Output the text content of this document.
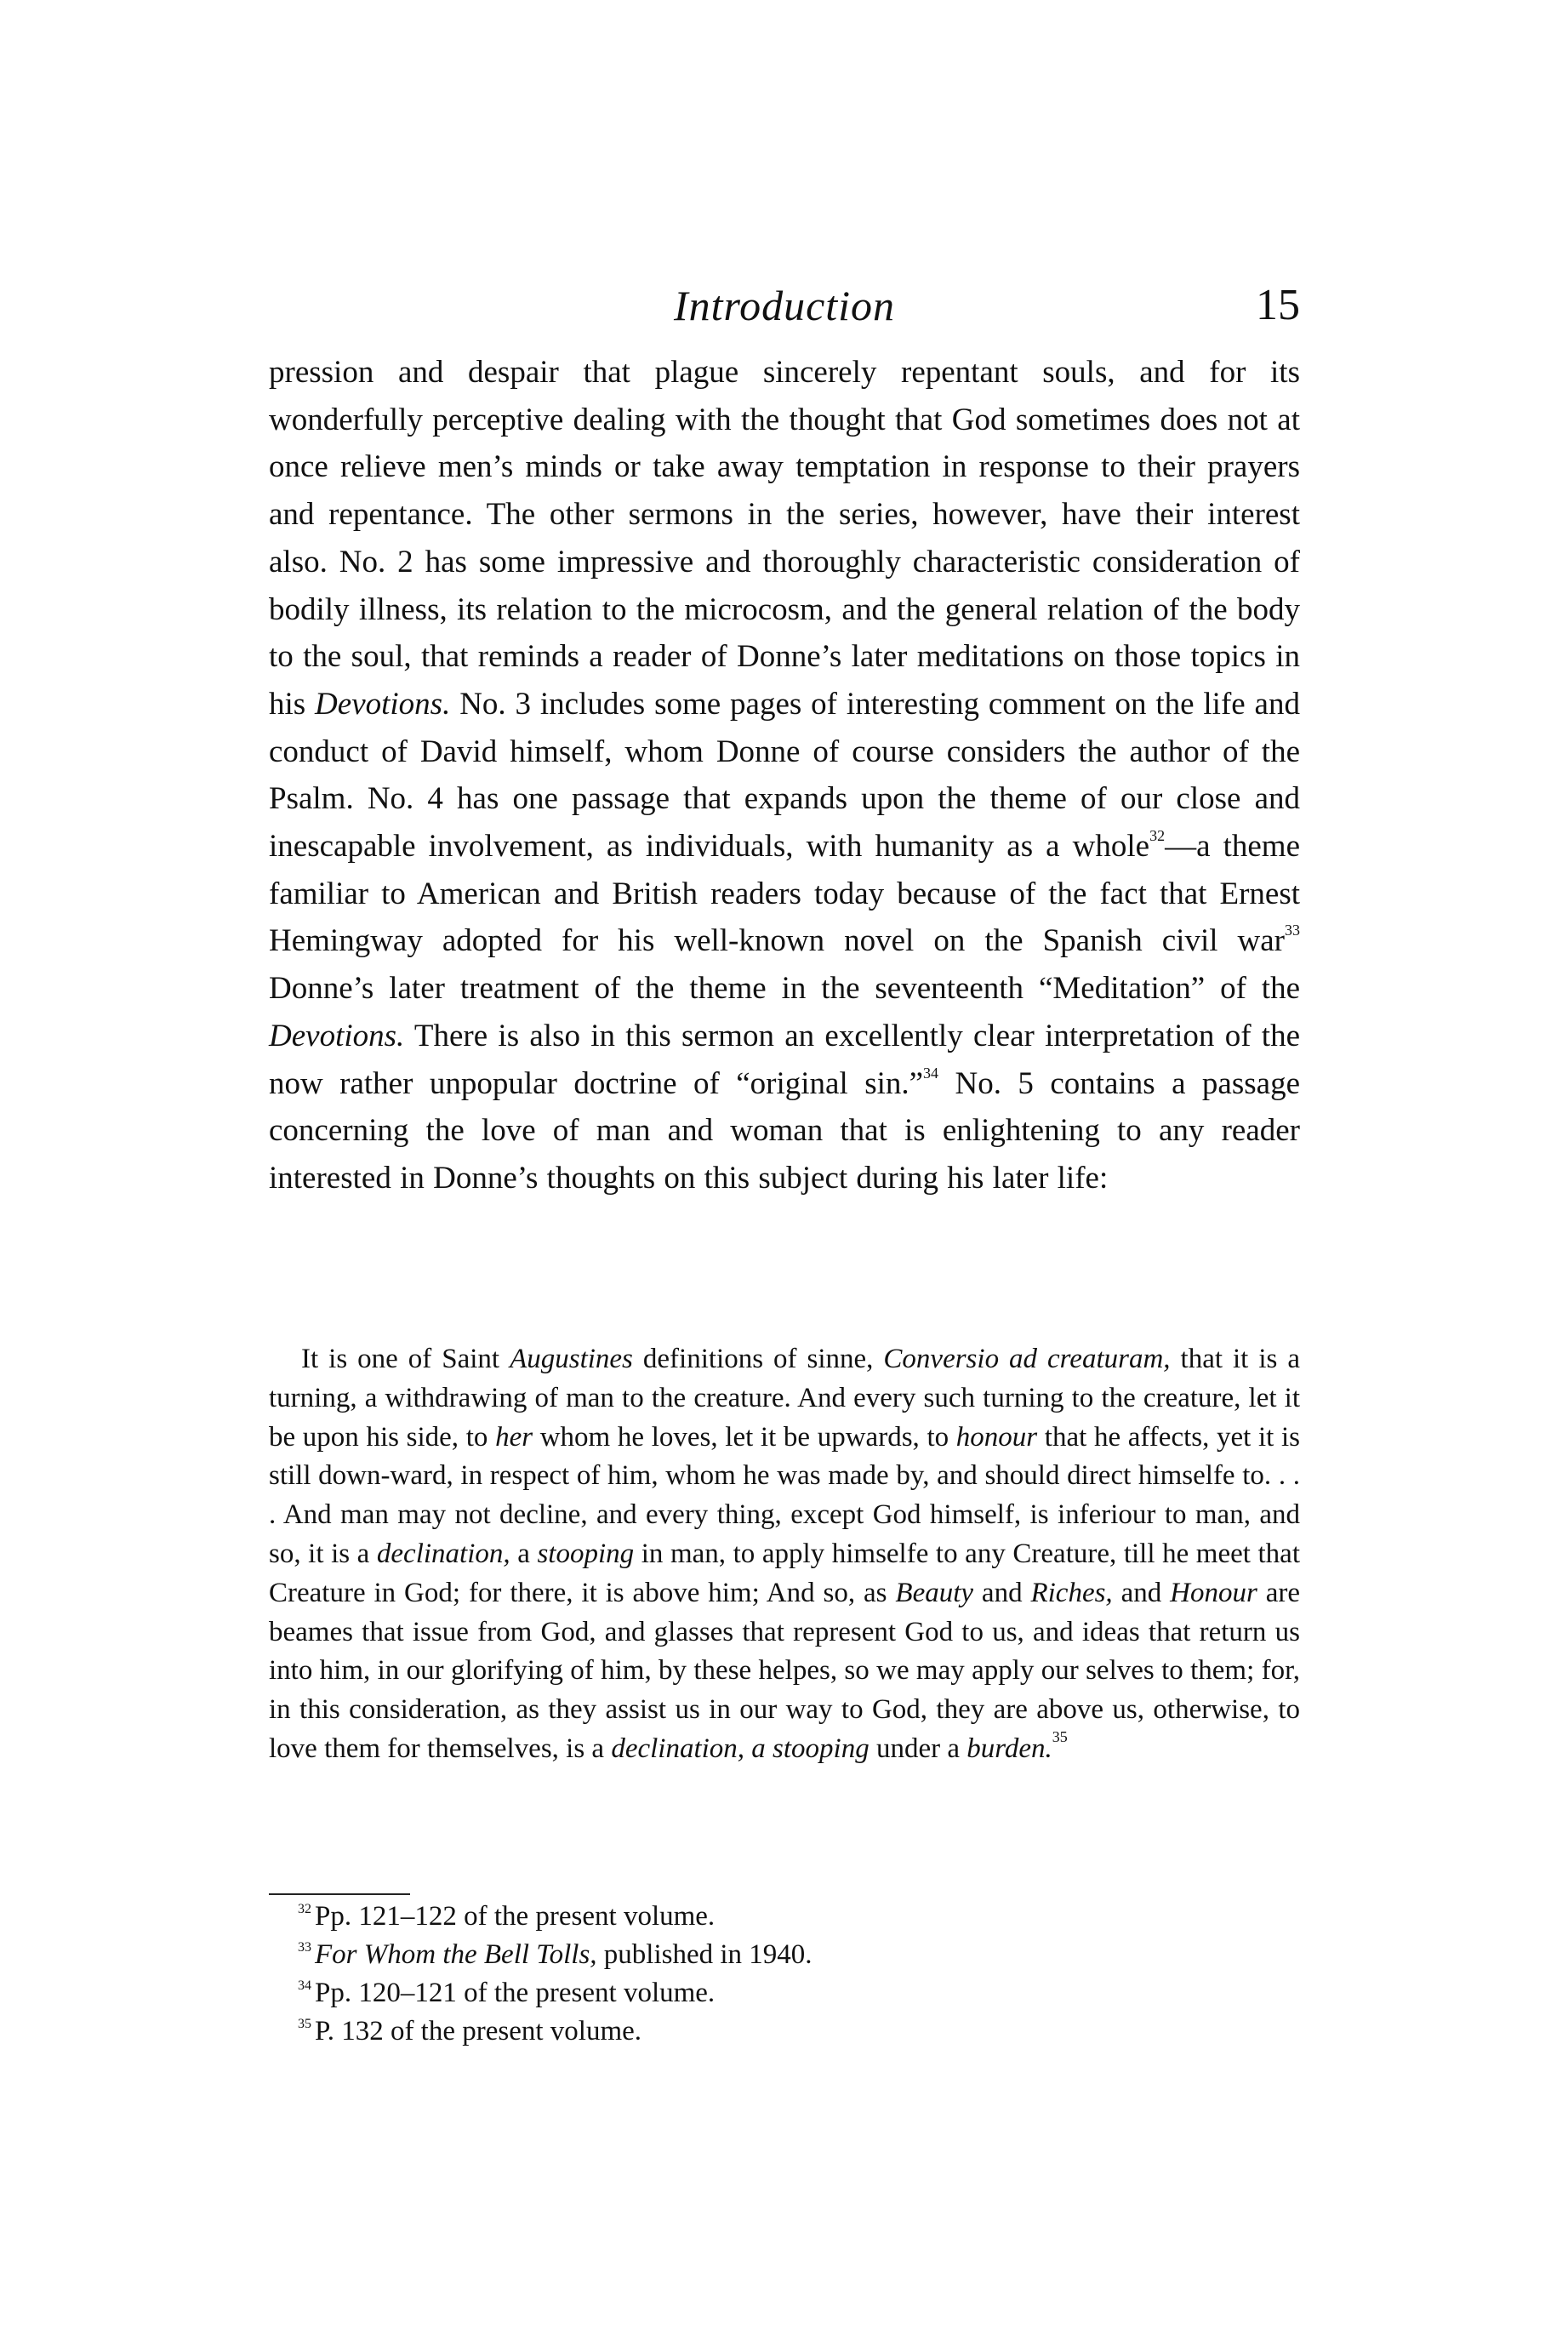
Introduction	15

pression and despair that plague sincerely repentant souls, and for its wonderfully perceptive dealing with the thought that God sometimes does not at once relieve men’s minds or take away temptation in response to their prayers and repentance. The other sermons in the series, however, have their interest also. No. 2 has some impressive and thoroughly characteristic consideration of bodily illness, its relation to the microcosm, and the general relation of the body to the soul, that reminds a reader of Donne’s later meditations on those topics in his Devotions. No. 3 includes some pages of interesting comment on the life and conduct of David himself, whom Donne of course considers the author of the Psalm. No. 4 has one passage that expands upon the theme of our close and inescapable involvement, as individuals, with humanity as a whole$^{32}$—a theme familiar to American and British readers today because of the fact that Ernest Hemingway adopted for his well-known novel on the Spanish civil war$^{33}$ Donne’s later treatment of the theme in the seventeenth “Meditation” of the Devotions. There is also in this sermon an excellently clear interpretation of the now rather unpopular doctrine of “original sin.”$^{34}$ No. 5 contains a passage concerning the love of man and woman that is enlightening to any reader interested in Donne’s thoughts on this subject during his later life:

It is one of Saint Augustines definitions of sinne, Conversio ad creaturam, that it is a turning, a withdrawing of man to the creature. And every such turning to the creature, let it be upon his side, to her whom he loves, let it be upwards, to honour that he affects, yet it is still down-ward, in respect of him, whom he was made by, and should direct himselfe to. . . . And man may not decline, and every thing, except God himself, is inferiour to man, and so, it is a declination, a stooping in man, to apply himselfe to any Creature, till he meet that Creature in God; for there, it is above him; And so, as Beauty and Riches, and Honour are beames that issue from God, and glasses that represent God to us, and ideas that return us into him, in our glorifying of him, by these helpes, so we may apply our selves to them; for, in this consideration, as they assist us in our way to God, they are above us, otherwise, to love them for themselves, is a declination, a stooping under a burden.$^{35}$

$^{32}$ Pp. 121–122 of the present volume.

$^{33}$ For Whom the Bell Tolls, published in 1940.

$^{34}$ Pp. 120–121 of the present volume.

$^{35}$ P. 132 of the present volume.
